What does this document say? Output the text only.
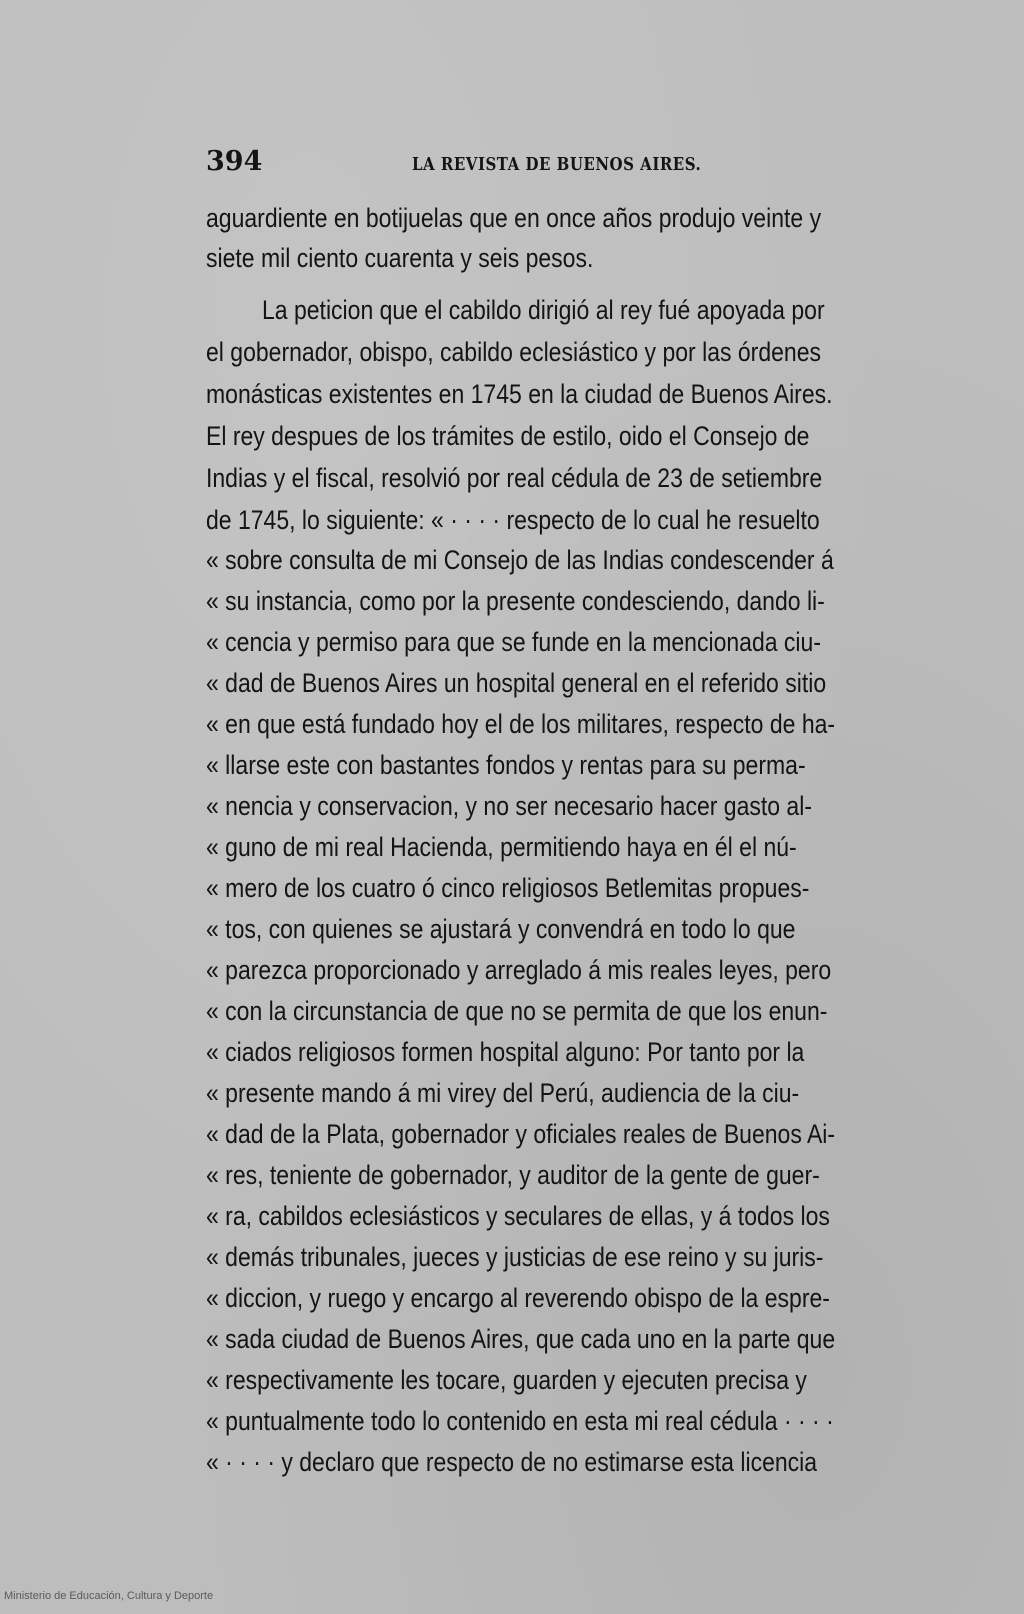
394	LA REVISTA DE BUENOS AIRES.
aguardiente en botijuelas que en once años produjo veinte y
siete mil ciento cuarenta y seis pesos.
La peticion que el cabildo dirigió al rey fué apoyada por
el gobernador, obispo, cabildo eclesiástico y por las órdenes
monásticas existentes en 1745 en la ciudad de Buenos Aires.
El rey despues de los trámites de estilo, oido el Consejo de
Indias y el fiscal, resolvió por real cédula de 23 de setiembre
de 1745, lo siguiente: « · · · · respecto de lo cual he resuelto
« sobre consulta de mi Consejo de las Indias condescender á
« su instancia, como por la presente condesciendo, dando li-
« cencia y permiso para que se funde en la mencionada ciu-
« dad de Buenos Aires un hospital general en el referido sitio
« en que está fundado hoy el de los militares, respecto de ha-
« llarse este con bastantes fondos y rentas para su perma-
« nencia y conservacion, y no ser necesario hacer gasto al-
« guno de mi real Hacienda, permitiendo haya en él el nú-
« mero de los cuatro ó cinco religiosos Betlemitas propues-
« tos, con quienes se ajustará y convendrá en todo lo que
« parezca proporcionado y arreglado á mis reales leyes, pero
« con la circunstancia de que no se permita de que los enun-
« ciados religiosos formen hospital alguno: Por tanto por la
« presente mando á mi virey del Perú, audiencia de la ciu-
« dad de la Plata, gobernador y oficiales reales de Buenos Ai-
« res, teniente de gobernador, y auditor de la gente de guer-
« ra, cabildos eclesiásticos y seculares de ellas, y á todos los
« demás tribunales, jueces y justicias de ese reino y su juris-
« diccion, y ruego y encargo al reverendo obispo de la espre-
« sada ciudad de Buenos Aires, que cada uno en la parte que
« respectivamente les tocare, guarden y ejecuten precisa y
« puntualmente todo lo contenido en esta mi real cédula · · · ·
« · · · · y declaro que respecto de no estimarse esta licencia
Ministerio de Educación, Cultura y Deporte
